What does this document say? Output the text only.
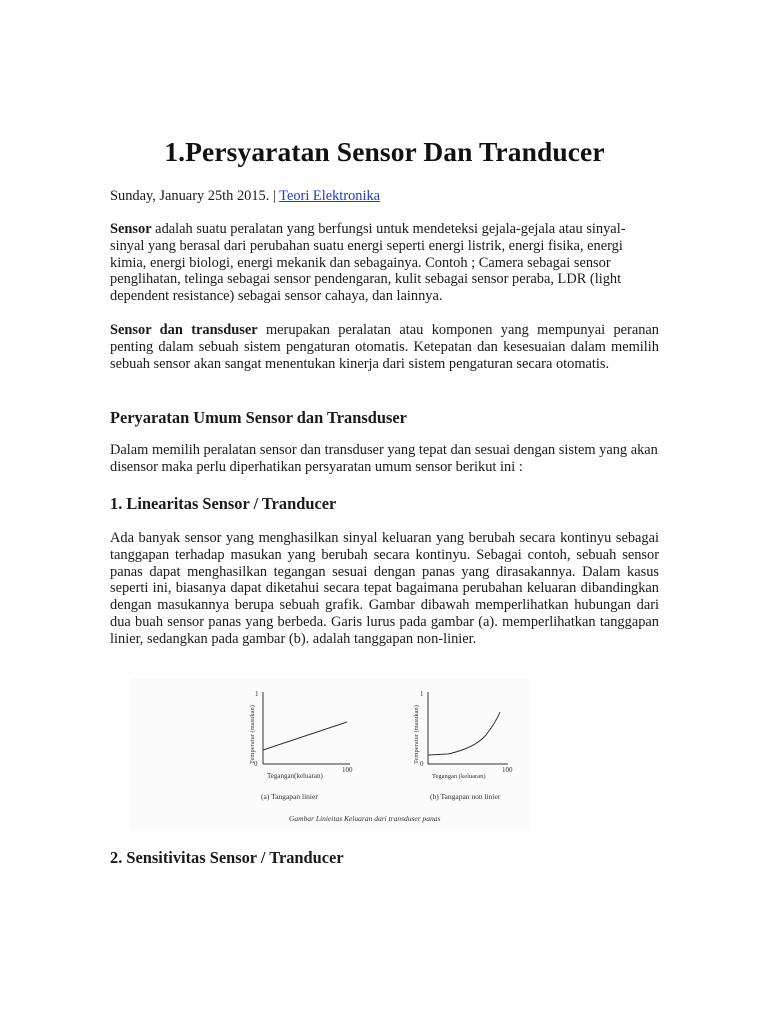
1.Persyaratan Sensor Dan Tranducer
Sunday, January 25th 2015. | Teori Elektronika
Sensor adalah suatu peralatan yang berfungsi untuk mendeteksi gejala-gejala atau sinyal-
sinyal yang berasal dari perubahan suatu energi seperti energi listrik, energi fisika, energi
kimia, energi biologi, energi mekanik dan sebagainya. Contoh ; Camera sebagai sensor
penglihatan, telinga sebagai sensor pendengaran, kulit sebagai sensor peraba, LDR (light
dependent resistance) sebagai sensor cahaya, dan lainnya.

Sensor dan transduser merupakan peralatan atau komponen yang mempunyai peranan penting dalam sebuah sistem pengaturan otomatis. Ketepatan dan kesesuaian dalam memilih sebuah sensor akan sangat menentukan kinerja dari sistem pengaturan secara otomatis.

Peryaratan Umum Sensor dan Transduser

Dalam memilih peralatan sensor dan transduser yang tepat dan sesuai dengan sistem yang akan disensor maka perlu diperhatikan persyaratan umum sensor berikut ini :

1. Linearitas Sensor / Tranducer

Ada banyak sensor yang menghasilkan sinyal keluaran yang berubah secara kontinyu sebagai tanggapan terhadap masukan yang berubah secara kontinyu. Sebagai contoh, sebuah sensor panas dapat menghasilkan tegangan sesuai dengan panas yang dirasakannya. Dalam kasus seperti ini, biasanya dapat diketahui secara tepat bagaimana perubahan keluaran dibandingkan dengan masukannya berupa sebuah grafik. Gambar dibawah memperlihatkan hubungan dari dua buah sensor panas yang berbeda. Garis lurus pada gambar (a). memperlihatkan tanggapan linier, sedangkan pada gambar (b). adalah tanggapan non-linier.

2. Sensitivitas Sensor / Tranducer
1
0
100
Tegangan(keluaran)
Temperatur (masukan)
(a) Tangapan linier
1
0
100
Tegangan (keluaran)
Temperatur (masukan)
(b) Tangapan non linier
Gambar Linieitas Keluaran dari transduser panas
